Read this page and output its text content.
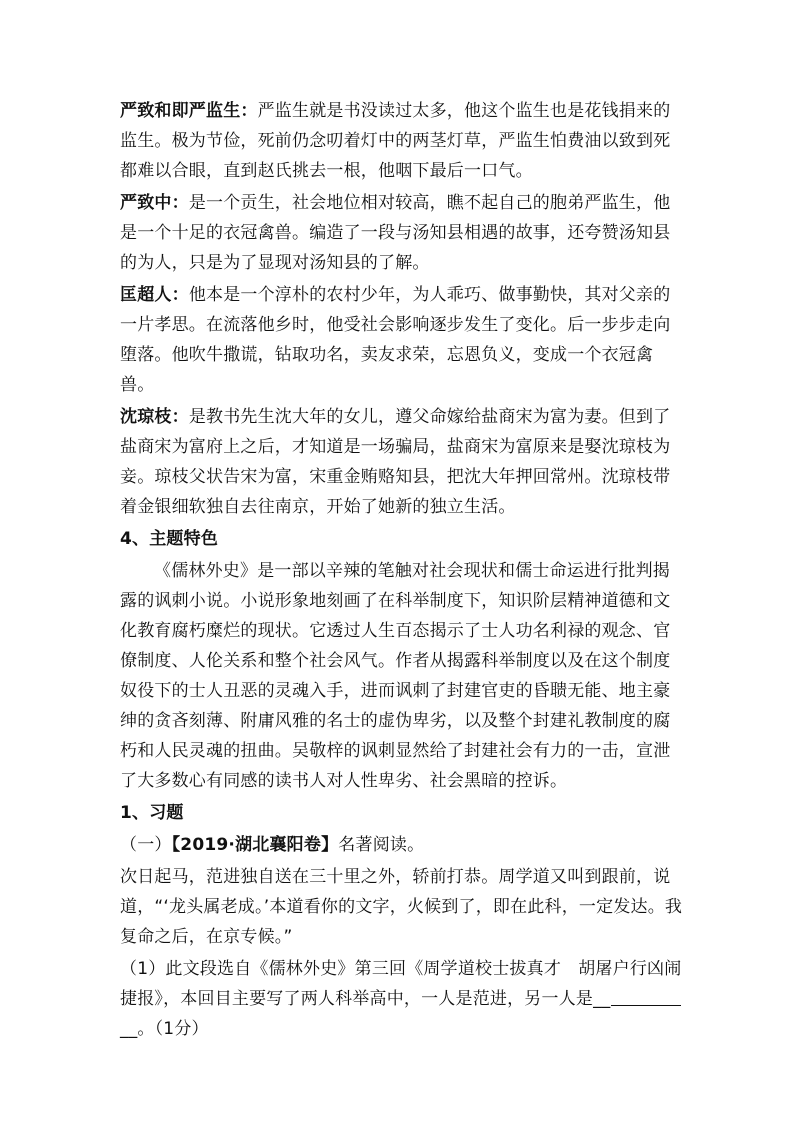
严致和即严监生：严监生就是书没读过太多，他这个监生也是花钱捐来的监生。极为节俭，死前仍念叨着灯中的两茎灯草，严监生怕费油以致到死都难以合眼，直到赵氏挑去一根，他咽下最后一口气。

严致中：是一个贡生，社会地位相对较高，瞧不起自己的胞弟严监生，他是一个十足的衣冠禽兽。编造了一段与汤知县相遇的故事，还夸赞汤知县的为人，只是为了显现对汤知县的了解。

匡超人：他本是一个淳朴的农村少年，为人乖巧、做事勤快，其对父亲的一片孝思。在流落他乡时，他受社会影响逐步发生了变化。后一步步走向堕落。他吹牛撒谎，钻取功名，卖友求荣，忘恩负义，变成一个衣冠禽兽。

沈琼枝：是教书先生沈大年的女儿，遵父命嫁给盐商宋为富为妻。但到了盐商宋为富府上之后，才知道是一场骗局，盐商宋为富原来是娶沈琼枝为妾。琼枝父状告宋为富，宋重金贿赂知县，把沈大年押回常州。沈琼枝带着金银细软独自去往南京，开始了她新的独立生活。

4、主题特色

《儒林外史》是一部以辛辣的笔触对社会现状和儒士命运进行批判揭露的讽刺小说。小说形象地刻画了在科举制度下，知识阶层精神道德和文化教育腐朽糜烂的现状。它透过人生百态揭示了士人功名利禄的观念、官僚制度、人伦关系和整个社会风气。作者从揭露科举制度以及在这个制度奴役下的士人丑恶的灵魂入手，进而讽刺了封建官吏的昏聩无能、地主豪绅的贪吝刻薄、附庸风雅的名士的虚伪卑劣，以及整个封建礼教制度的腐朽和人民灵魂的扭曲。吴敬梓的讽刺显然给了封建社会有力的一击，宣泄了大多数心有同感的读书人对人性卑劣、社会黑暗的控诉。

1、习题

（一）【2019·湖北襄阳卷】名著阅读。

次日起马，范进独自送在三十里之外，轿前打恭。周学道又叫到跟前，说道，“‘龙头属老成。’本道看你的文字，火候到了，即在此科，一定发达。我复命之后，在京专候。”

（1）此文段选自《儒林外史》第三回《周学道校士拔真才　胡屠户行凶闹捷报》，本回目主要写了两人科举高中，一人是范进，另一人是____。（1分）
